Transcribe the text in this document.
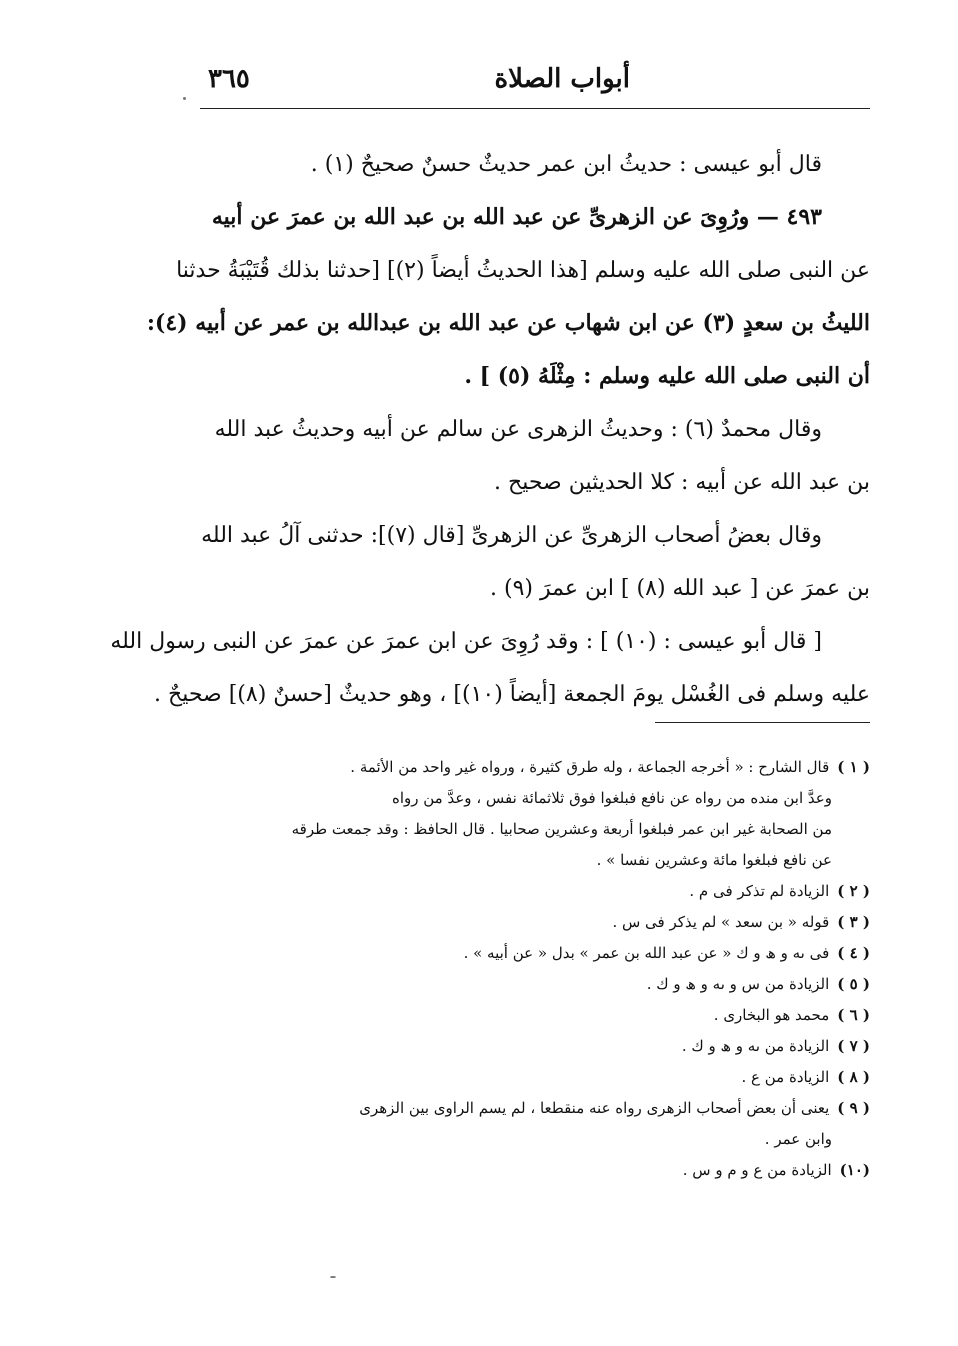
أبواب الصلاة
٣٦٥
قال أبو عيسى : حديثُ ابن عمر حديثٌ حسنٌ صحيحٌ (١) .
٤٩٣ — ورُوِىَ عن الزهرىِّ عن عبد الله بن عبد الله بن عمرَ عن أبيه
عن النبى صلى الله عليه وسلم [هذا الحديثُ أيضاً (٢)] [حدثنا بذلك قُتَيْبَةُ حدثنا
الليثُ بن سعدٍ (٣) عن ابن شهاب عن عبد الله بن عبدالله بن عمر عن أبيه (٤):
أن النبى صلى الله عليه وسلم : مِثْلَهُ (٥) ] .
وقال محمدٌ (٦) : وحديثُ الزهرى عن سالم عن أبيه وحديثُ عبد الله
بن عبد الله عن أبيه : كلا الحديثين صحيح .
وقال بعضُ أصحاب الزهرىِّ عن الزهرىِّ [قال (٧)]: حدثنى آلُ عبد الله
بن عمرَ عن [ عبد الله (٨) ] ابن عمرَ (٩) .
[ قال أبو عيسى : (١٠) ] : وقد رُوِىَ عن ابن عمرَ عن عمرَ عن النبى رسول الله
عليه وسلم فى الغُسْل يومَ الجمعة [أيضاً (١٠)] ، وهو حديثٌ [حسنٌ (٨)] صحيحٌ .
( ١ )قال الشارح : « أخرجه الجماعة ، وله طرق كثيرة ، ورواه غير واحد من الأئمة .
وعدَّ ابن منده من رواه عن نافع فبلغوا فوق ثلاثمائة نفس ، وعدَّ من رواه
من الصحابة غير ابن عمر فبلغوا أربعة وعشرين صحابيا . قال الحافظ : وقد جمعت طرقه
عن نافع فبلغوا مائة وعشرين نفسا » .
( ٢ )الزيادة لم تذكر فى م .
( ٣ )قوله « بن سعد » لم يذكر فى س .
( ٤ )فى ىه و ھ و ك « عن عبد الله بن عمر » بدل « عن أبيه » .
( ٥ )الزيادة من س و ىه و ھ و ك .
( ٦ )محمد هو البخارى .
( ٧ )الزيادة من ىه و ھ و ك .
( ٨ )الزيادة من ع .
( ٩ )يعنى أن بعض أصحاب الزهرى رواه عنه منقطعا ، لم يسم الراوى بين الزهرى
وابن عمر .
(١٠)الزيادة من ع و م و س .
